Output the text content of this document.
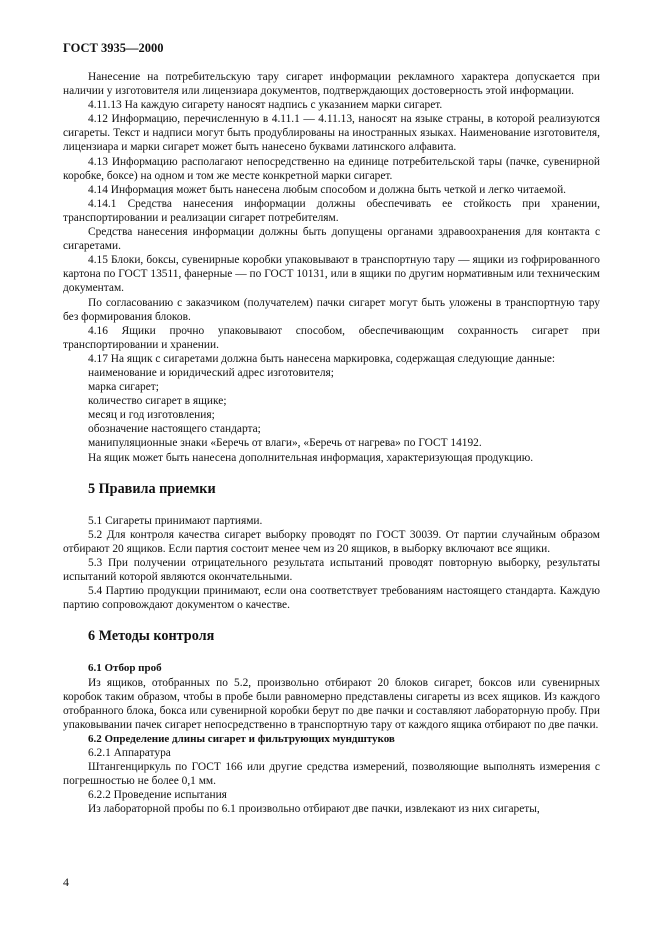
ГОСТ 3935—2000

Нанесение на потребительскую тару сигарет информации рекламного характера допускается при наличии у изготовителя или лицензиара документов, подтверждающих достоверность этой информации.

4.11.13 На каждую сигарету наносят надпись с указанием марки сигарет.

4.12 Информацию, перечисленную в 4.11.1 — 4.11.13, наносят на языке страны, в которой реализуются сигареты. Текст и надписи могут быть продублированы на иностранных языках. Наименование изготовителя, лицензиара и марки сигарет может быть нанесено буквами латинского алфавита.

4.13 Информацию располагают непосредственно на единице потребительской тары (пачке, сувенирной коробке, боксе) на одном и том же месте конкретной марки сигарет.

4.14 Информация может быть нанесена любым способом и должна быть четкой и легко читаемой.

4.14.1 Средства нанесения информации должны обеспечивать ее стойкость при хранении, транспортировании и реализации сигарет потребителям.

Средства нанесения информации должны быть допущены органами здравоохранения для контакта с сигаретами.

4.15 Блоки, боксы, сувенирные коробки упаковывают в транспортную тару — ящики из гофрированного картона по ГОСТ 13511, фанерные — по ГОСТ 10131, или в ящики по другим нормативным или техническим документам.

По согласованию с заказчиком (получателем) пачки сигарет могут быть уложены в транспортную тару без формирования блоков.

4.16 Ящики прочно упаковывают способом, обеспечивающим сохранность сигарет при транспортировании и хранении.

4.17 На ящик с сигаретами должна быть нанесена маркировка, содержащая следующие данные:

наименование и юридический адрес изготовителя;

марка сигарет;

количество сигарет в ящике;

месяц и год изготовления;

обозначение настоящего стандарта;

манипуляционные знаки «Беречь от влаги», «Беречь от нагрева» по ГОСТ 14192.

На ящик может быть нанесена дополнительная информация, характеризующая продукцию.

5 Правила приемки

5.1 Сигареты принимают партиями.

5.2 Для контроля качества сигарет выборку проводят по ГОСТ 30039. От партии случайным образом отбирают 20 ящиков. Если партия состоит менее чем из 20 ящиков, в выборку включают все ящики.

5.3 При получении отрицательного результата испытаний проводят повторную выборку, результаты испытаний которой являются окончательными.

5.4 Партию продукции принимают, если она соответствует требованиям настоящего стандарта. Каждую партию сопровождают документом о качестве.

6 Методы контроля

6.1 Отбор проб

Из ящиков, отобранных по 5.2, произвольно отбирают 20 блоков сигарет, боксов или сувенирных коробок таким образом, чтобы в пробе были равномерно представлены сигареты из всех ящиков. Из каждого отобранного блока, бокса или сувенирной коробки берут по две пачки и составляют лабораторную пробу. При упаковывании пачек сигарет непосредственно в транспортную тару от каждого ящика отбирают по две пачки.

6.2 Определение длины сигарет и фильтрующих мундштуков

6.2.1 Аппаратура

Штангенциркуль по ГОСТ 166 или другие средства измерений, позволяющие выполнять измерения с погрешностью не более 0,1 мм.

6.2.2 Проведение испытания

Из лабораторной пробы по 6.1 произвольно отбирают две пачки, извлекают из них сигареты,

4
